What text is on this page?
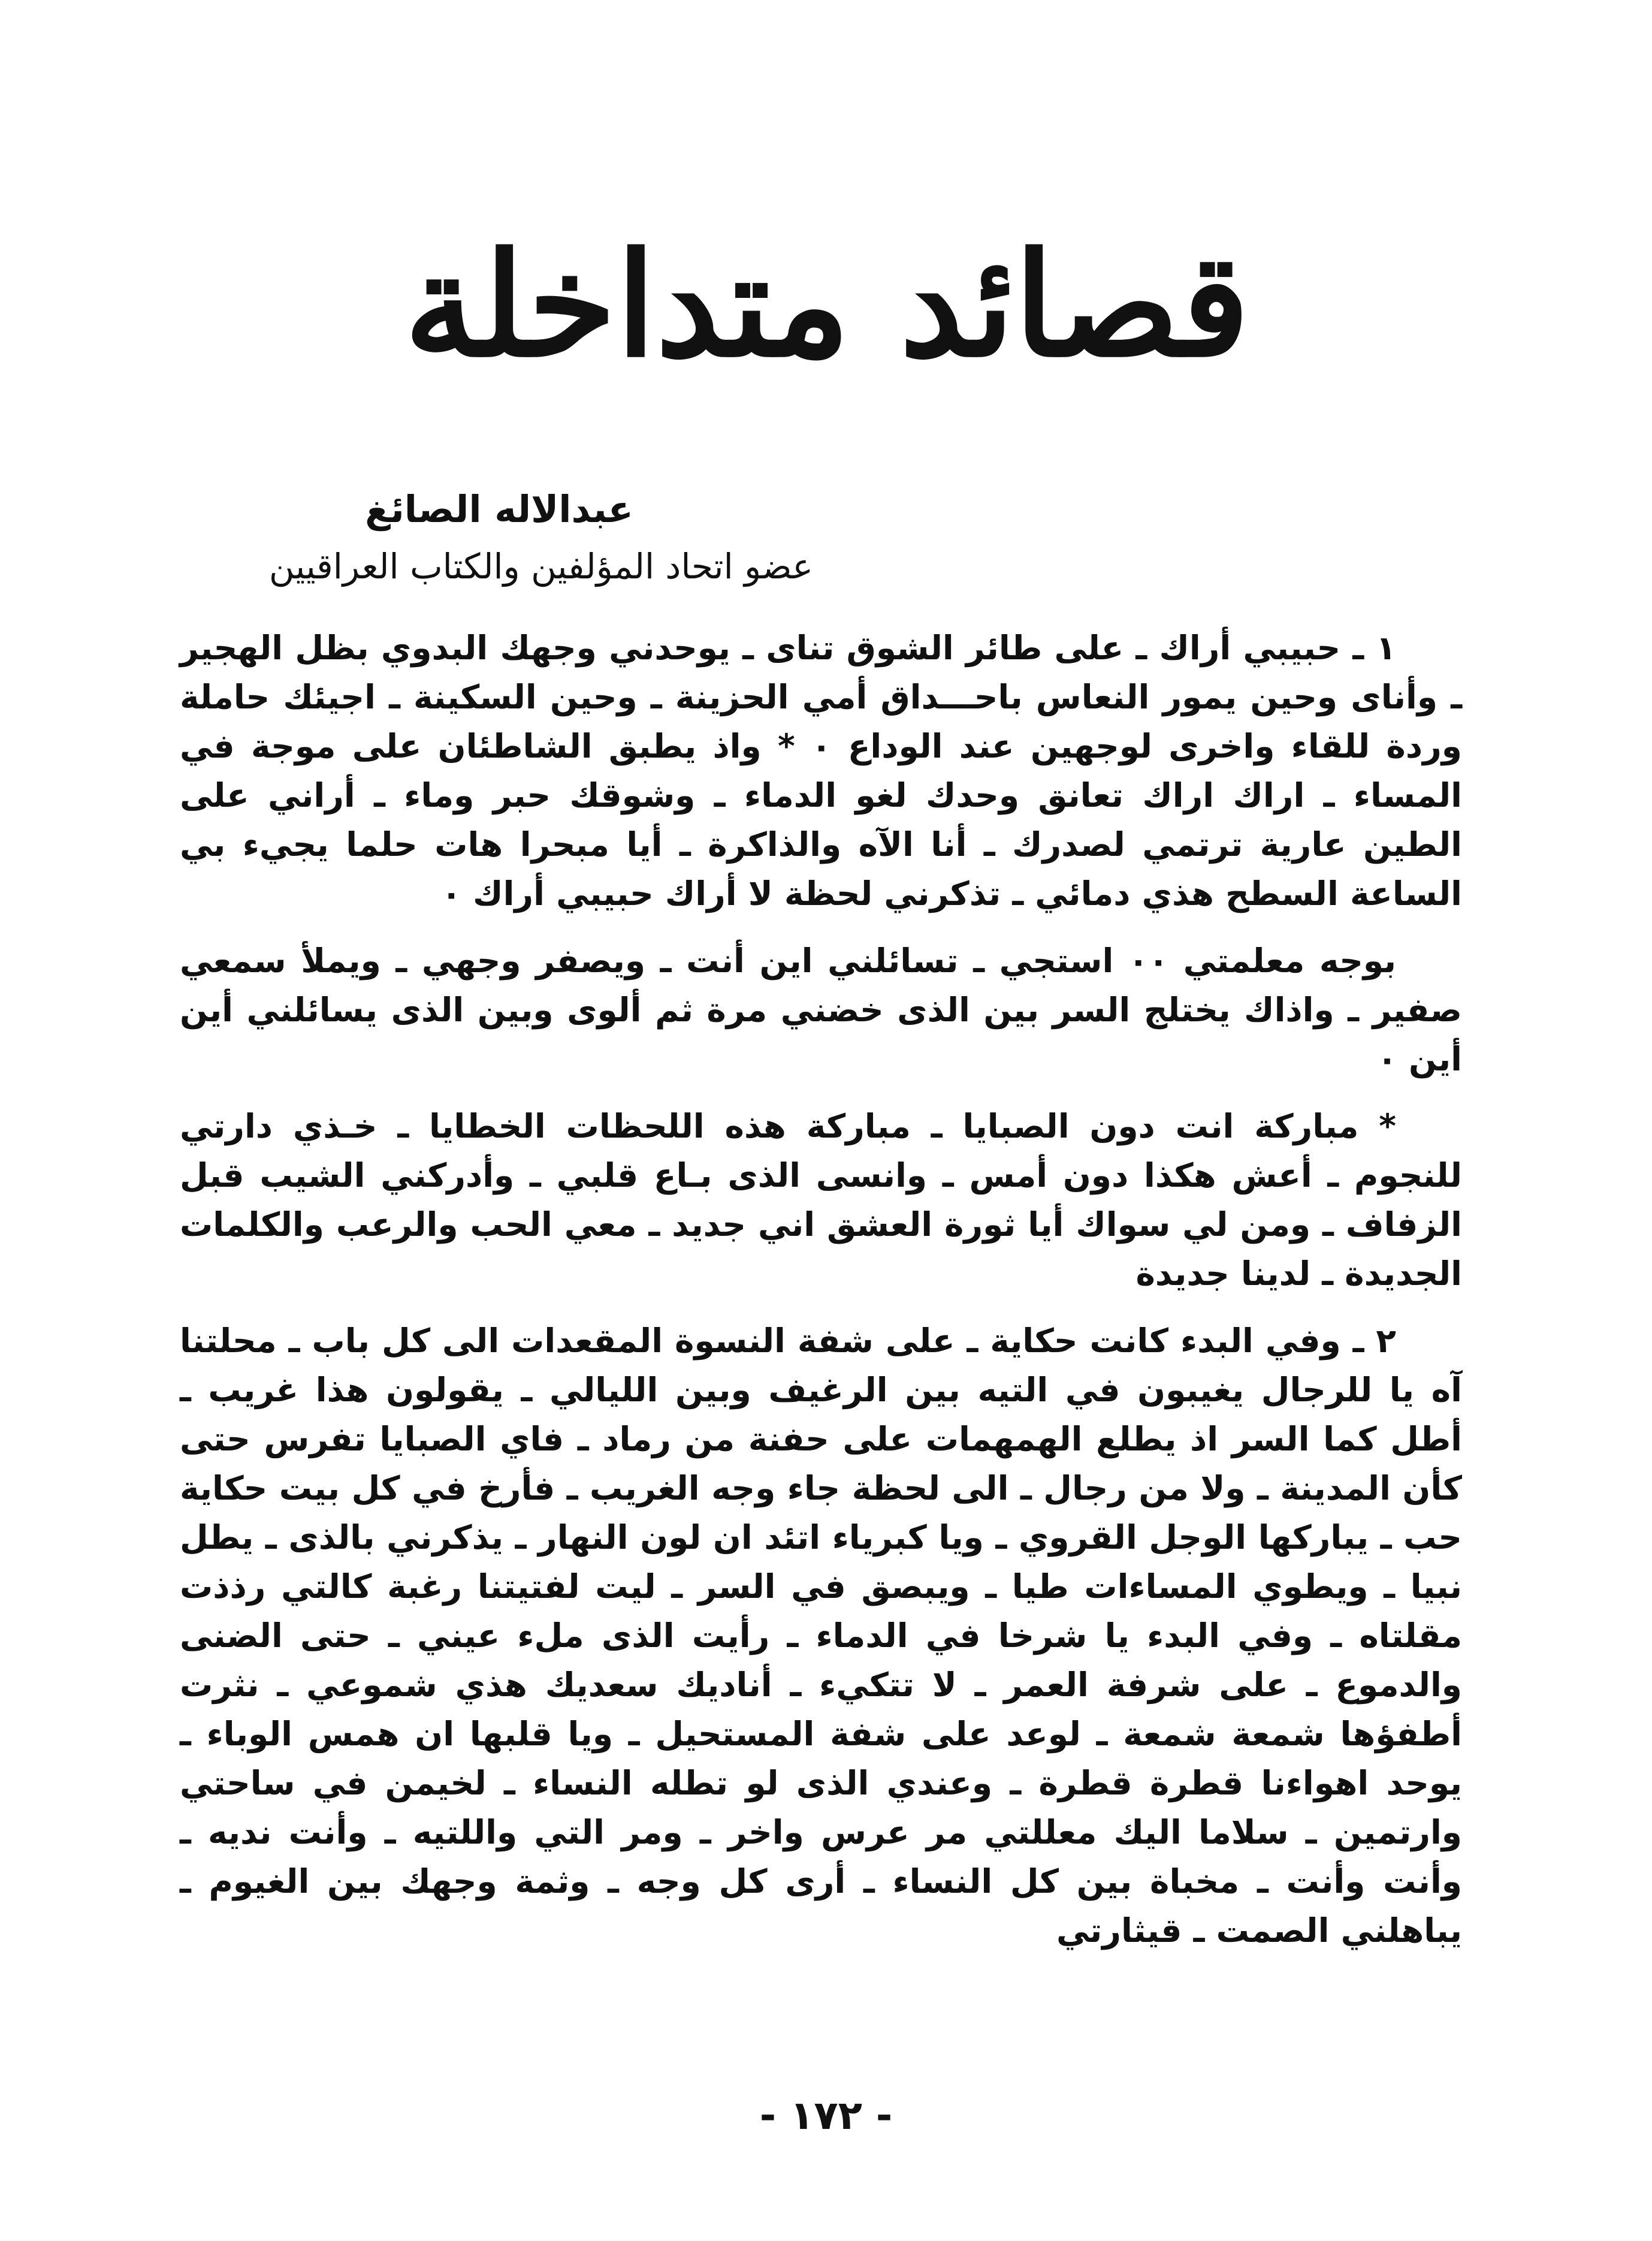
قصائد متداخلة
عبدالاله الصائغ
عضو اتحاد المؤلفين والكتاب العراقيين

١ ـ حبيبي أراك ـ على طائر الشوق تناى ـ يوحدني وجهك البدوي بظل الهجير ـ وأناى وحين يمور النعاس باحـــداق أمي الحزينة ـ وحين السكينة ـ اجيئك حاملة وردة للقاء واخرى لوجهين عند الوداع ٠ * واذ يطبق الشاطئان على موجة في المساء ـ اراك اراك تعانق وحدك لغو الدماء ـ وشوقك حبر وماء ـ أراني على الطين عارية ترتمي لصدرك ـ أنا الآه والذاكرة ـ أيا مبحرا هات حلما يجيء بي الساعة السطح هذي دمائي ـ تذكرني لحظة لا أراك حبيبي أراك ٠

بوجه معلمتي ٠٠ استجي ـ تسائلني اين أنت ـ ويصفر وجهي ـ ويملأ سمعي صفير ـ واذاك يختلج السر بين الذى خضني مرة ثم ألوى وبين الذى يسائلني أين أين ٠

* مباركة انت دون الصبايا ـ مباركة هذه اللحظات الخطايا ـ خـذي دارتي للنجوم ـ أعش هكذا دون أمس ـ وانسى الذى بـاع قلبي ـ وأدركني الشيب قبل الزفاف ـ ومن لي سواك أيا ثورة العشق اني جديد ـ معي الحب والرعب والكلمات الجديدة ـ لدينا جديدة

٢ ـ وفي البدء كانت حكاية ـ على شفة النسوة المقعدات الى كل باب ـ محلتنا آه يا للرجال يغيبون في التيه بين الرغيف وبين الليالي ـ يقولون هذا غريب ـ أطل كما السر اذ يطلع الهمهمات على حفنة من رماد ـ فاي الصبايا تفرس حتى كأن المدينة ـ ولا من رجال ـ الى لحظة جاء وجه الغريب ـ فأرخ في كل بيت حكاية حب ـ يباركها الوجل القروي ـ ويا كبرياء اتئد ان لون النهار ـ يذكرني بالذى ـ يطل نبيا ـ ويطوي المساءات طيا ـ ويبصق في السر ـ ليت لفتيتنا رغبة كالتي رذذت مقلتاه ـ وفي البدء يا شرخا في الدماء ـ رأيت الذى ملء عيني ـ حتى الضنى والدموع ـ على شرفة العمر ـ لا تتكيء ـ أناديك سعديك هذي شموعي ـ نثرت أطفؤها شمعة شمعة ـ لوعد على شفة المستحيل ـ ويا قلبها ان همس الوباء ـ يوحد اهواءنا قطرة قطرة ـ وعندي الذى لو تطله النساء ـ لخيمن في ساحتي وارتمين ـ سلاما اليك معللتي مر عرس واخر ـ ومر التي واللتيه ـ وأنت نديه ـ وأنت وأنت ـ مخباة بين كل النساء ـ أرى كل وجه ـ وثمة وجهك بين الغيوم ـ يباهلني الصمت ـ قيثارتي

- ١٧٢ -
